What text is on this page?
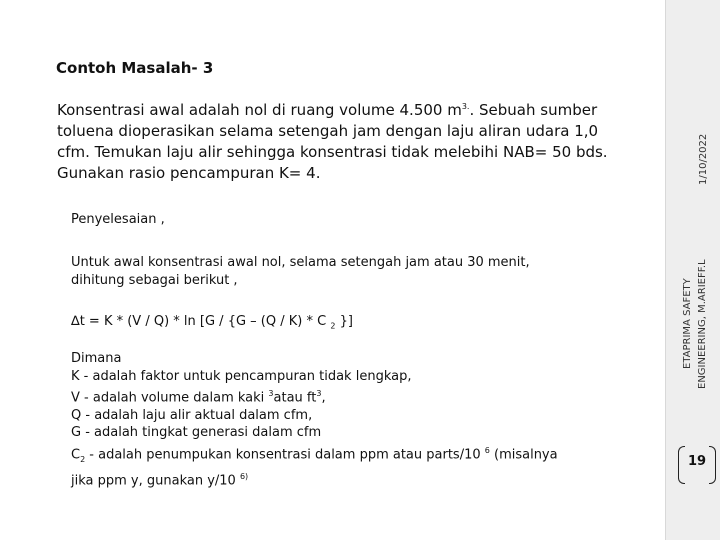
Contoh Masalah- 3
Konsentrasi awal adalah nol di ruang volume 4.500 $m^{3.}$. Sebuah sumber
toluena dioperasikan selama setengah jam dengan laju aliran udara 1,0
cfm. Temukan laju alir sehingga konsentrasi tidak melebihi NAB= 50 bds.
Gunakan rasio pencampuran K= 4.
Penyelesaian ,
Untuk awal konsentrasi awal nol, selama setengah jam atau 30 menit,
dihitung sebagai berikut ,
∆t = K * (V / Q) * ln [G / {G – (Q / K) * C $_2$ }]
Dimana
K - adalah faktor untuk pencampuran tidak lengkap,
V - adalah volume dalam kaki $^3$atau $ft^3$,
Q - adalah laju alir aktual dalam cfm,
G - adalah tingkat generasi dalam cfm
$C_2$ - adalah penumpukan konsentrasi dalam ppm atau parts/10 $^6$ (misalnya
jika ppm y, gunakan y/10 $^{6)}$
1/10/2022
ETAPRIMA SAFETY ENGINEERING, M.ARIEFF.L
19
